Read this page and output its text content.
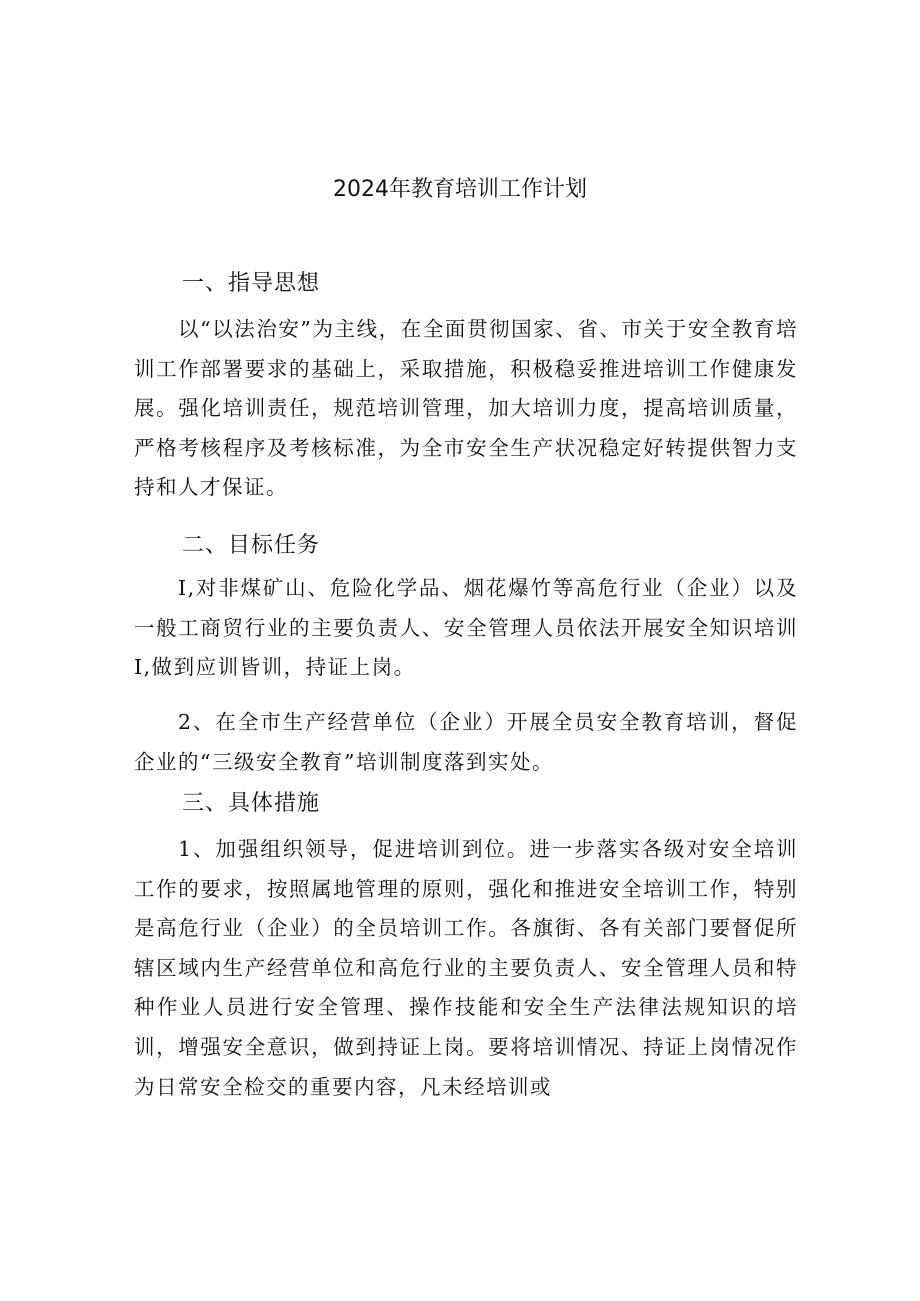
2024年教育培训工作计划
一、指导思想

以“以法治安”为主线，在全面贯彻国家、省、市关于安全教育培训工作部署要求的基础上，采取措施，积极稳妥推进培训工作健康发展。强化培训责任，规范培训管理，加大培训力度，提高培训质量，严格考核程序及考核标准，为全市安全生产状况稳定好转提供智力支持和人才保证。

二、目标任务

I,对非煤矿山、危险化学品、烟花爆竹等高危行业（企业）以及一般工商贸行业的主要负责人、安全管理人员依法开展安全知识培训I,做到应训皆训，持证上岗。

2、在全市生产经营单位（企业）开展全员安全教育培训，督促企业的“三级安全教育”培训制度落到实处。

三、具体措施

1、加强组织领导，促进培训到位。进一步落实各级对安全培训工作的要求，按照属地管理的原则，强化和推进安全培训工作，特别是高危行业（企业）的全员培训工作。各旗街、各有关部门要督促所辖区域内生产经营单位和高危行业的主要负责人、安全管理人员和特种作业人员进行安全管理、操作技能和安全生产法律法规知识的培训，增强安全意识，做到持证上岗。要将培训情况、持证上岗情况作为日常安全检交的重要内容，凡未经培训或
